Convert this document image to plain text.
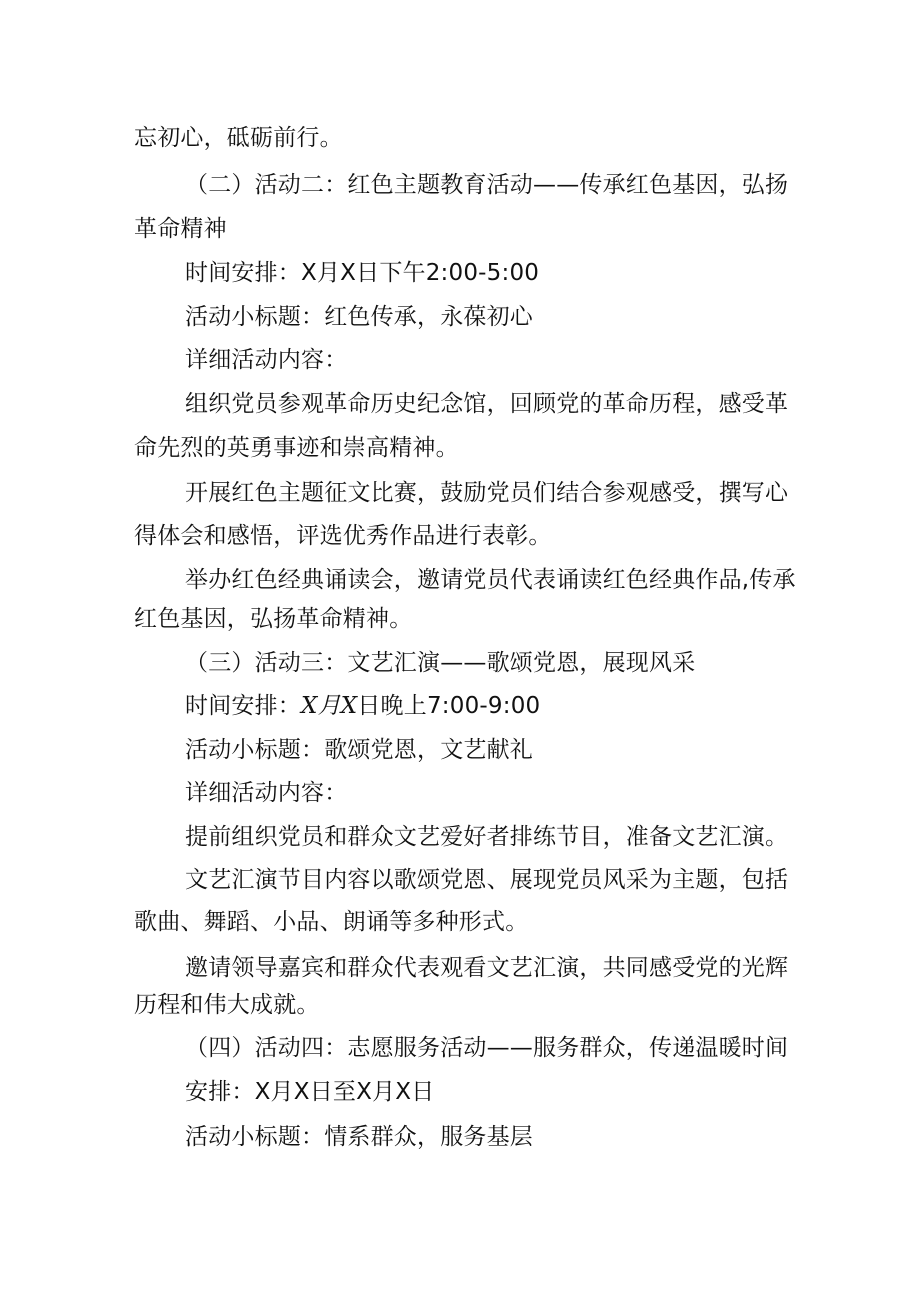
忘初心，砥砺前行。
（二）活动二：红色主题教育活动——传承红色基因，弘扬
革命精神
时间安排：X月X日下午2:00-5:00
活动小标题：红色传承，永葆初心
详细活动内容：
组织党员参观革命历史纪念馆，回顾党的革命历程，感受革
命先烈的英勇事迹和崇高精神。
开展红色主题征文比赛，鼓励党员们结合参观感受，撰写心
得体会和感悟，评选优秀作品进行表彰。
举办红色经典诵读会，邀请党员代表诵读红色经典作品,传承
红色基因，弘扬革命精神。
（三）活动三：文艺汇演——歌颂党恩，展现风采
时间安排：X月X日晚上7:00-9:00
活动小标题：歌颂党恩，文艺献礼
详细活动内容：
提前组织党员和群众文艺爱好者排练节目，准备文艺汇演。
文艺汇演节目内容以歌颂党恩、展现党员风采为主题，包括
歌曲、舞蹈、小品、朗诵等多种形式。
邀请领导嘉宾和群众代表观看文艺汇演，共同感受党的光辉
历程和伟大成就。
（四）活动四：志愿服务活动——服务群众，传递温暖时间
安排：X月X日至X月X日
活动小标题：情系群众，服务基层
